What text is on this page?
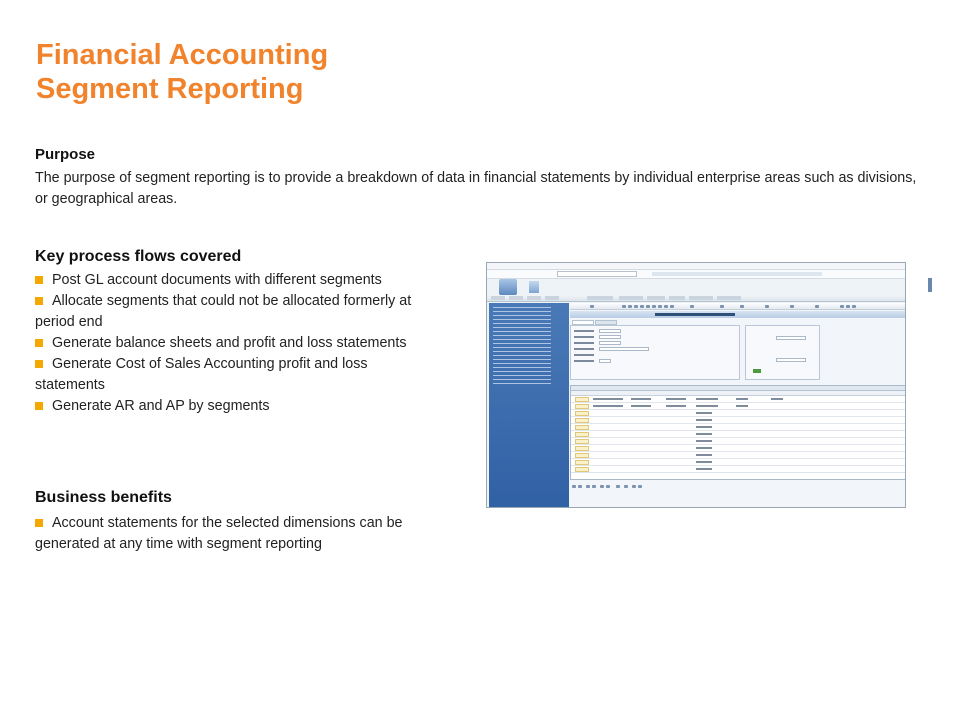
Financial Accounting
Segment Reporting
Purpose
The purpose of segment reporting is to provide a breakdown of data in financial statements by individual enterprise areas such as divisions, or geographical areas.
Key process flows covered
Post GL account documents with different segments
Allocate segments that could not be allocated formerly at period end
Generate balance sheets and profit and loss statements
Generate Cost of Sales Accounting profit and loss statements
Generate AR and AP by segments
Business benefits
Account statements for the selected dimensions can be generated at any time with segment reporting
